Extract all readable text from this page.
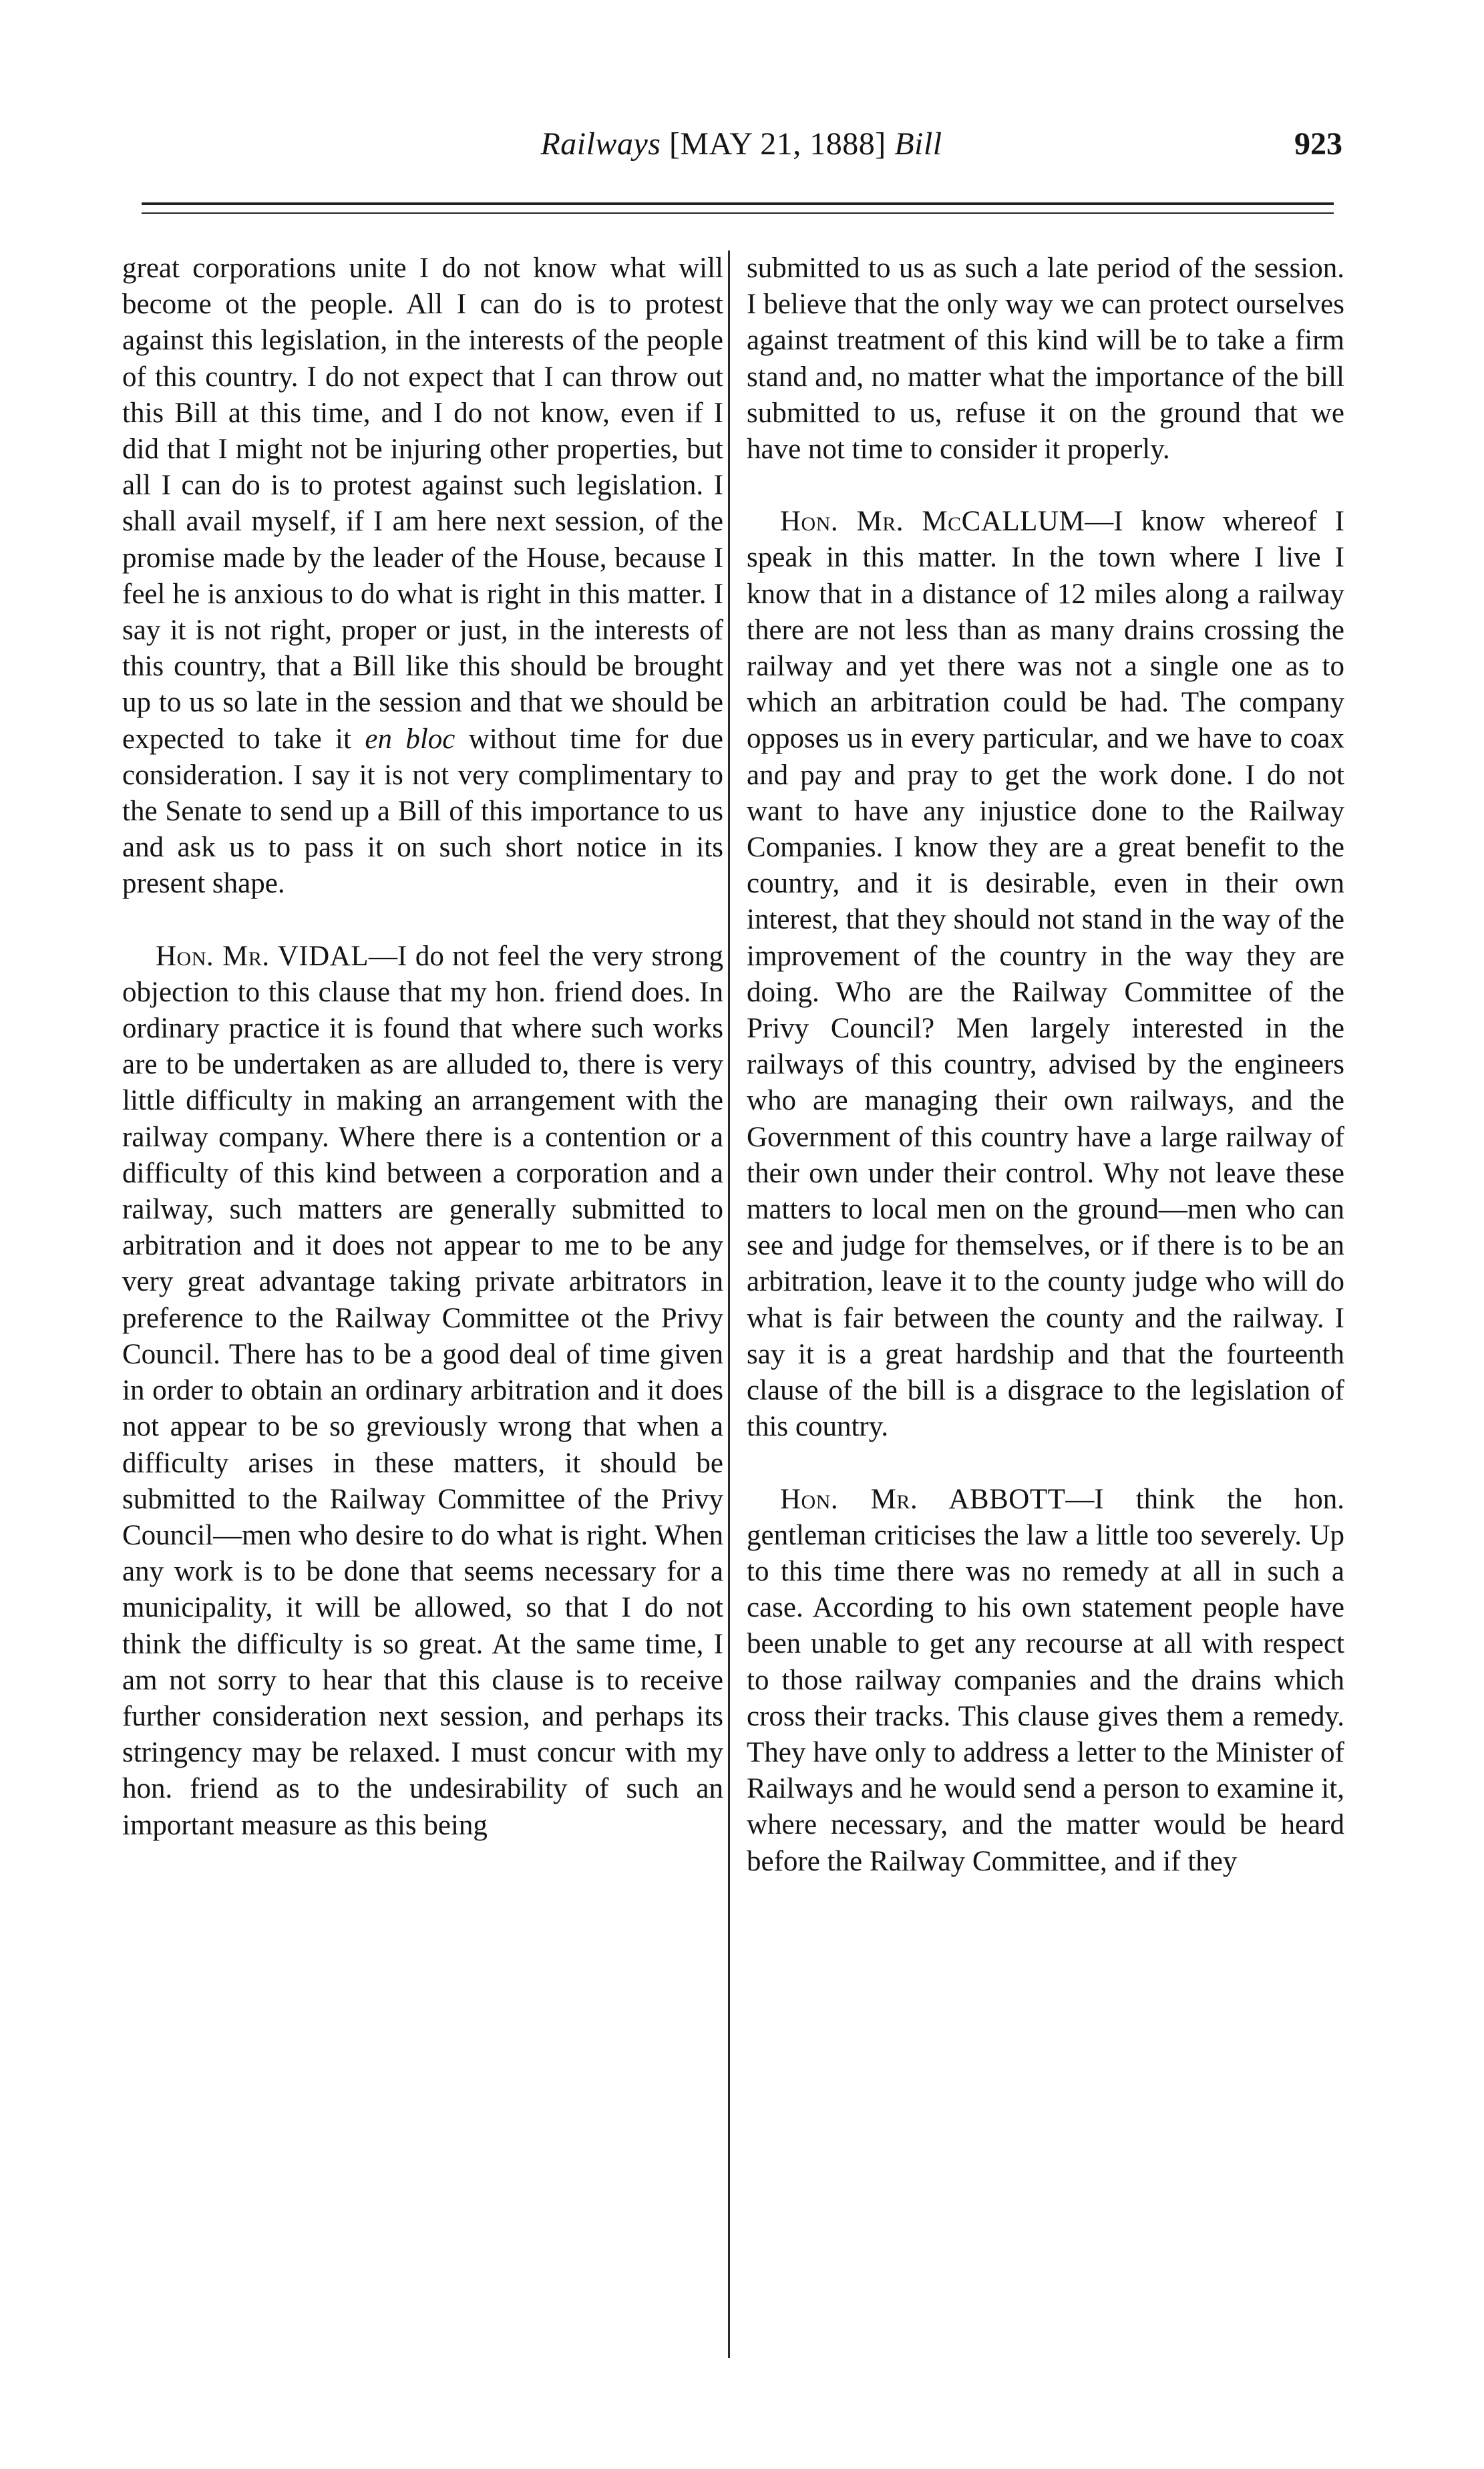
Railways [MAY 21, 1888] Bill	923

great corporations unite I do not know what will become ot the people. All I can do is to protest against this legislation, in the interests of the people of this country. I do not expect that I can throw out this Bill at this time, and I do not know, even if I did that I might not be injuring other properties, but all I can do is to protest against such legislation. I shall avail myself, if I am here next session, of the promise made by the leader of the House, because I feel he is anxious to do what is right in this matter. I say it is not right, proper or just, in the interests of this country, that a Bill like this should be brought up to us so late in the session and that we should be expected to take it en bloc without time for due consideration. I say it is not very complimentary to the Senate to send up a Bill of this importance to us and ask us to pass it on such short notice in its present shape.

Hon. Mr. VIDAL—I do not feel the very strong objection to this clause that my hon. friend does. In ordinary practice it is found that where such works are to be undertaken as are alluded to, there is very little difficulty in making an arrangement with the railway company. Where there is a contention or a difficulty of this kind between a corporation and a railway, such matters are generally submitted to arbitration and it does not appear to me to be any very great advantage taking private arbitrators in preference to the Railway Committee ot the Privy Council. There has to be a good deal of time given in order to obtain an ordinary arbitration and it does not appear to be so greviously wrong that when a difficulty arises in these matters, it should be submitted to the Railway Committee of the Privy Council—men who desire to do what is right. When any work is to be done that seems necessary for a municipality, it will be allowed, so that I do not think the difficulty is so great. At the same time, I am not sorry to hear that this clause is to receive further consideration next session, and perhaps its stringency may be relaxed. I must concur with my hon. friend as to the undesirability of such an important measure as this being

submitted to us as such a late period of the session. I believe that the only way we can protect ourselves against treatment of this kind will be to take a firm stand and, no matter what the importance of the bill submitted to us, refuse it on the ground that we have not time to consider it properly.

Hon. Mr. McCALLUM—I know whereof I speak in this matter. In the town where I live I know that in a distance of 12 miles along a railway there are not less than as many drains crossing the railway and yet there was not a single one as to which an arbitration could be had. The company opposes us in every particular, and we have to coax and pay and pray to get the work done. I do not want to have any injustice done to the Railway Companies. I know they are a great benefit to the country, and it is desirable, even in their own interest, that they should not stand in the way of the improvement of the country in the way they are doing. Who are the Railway Committee of the Privy Council? Men largely interested in the railways of this country, advised by the engineers who are managing their own railways, and the Government of this country have a large railway of their own under their control. Why not leave these matters to local men on the ground—men who can see and judge for themselves, or if there is to be an arbitration, leave it to the county judge who will do what is fair between the county and the railway. I say it is a great hardship and that the fourteenth clause of the bill is a disgrace to the legislation of this country.

Hon. Mr. ABBOTT—I think the hon. gentleman criticises the law a little too severely. Up to this time there was no remedy at all in such a case. According to his own statement people have been unable to get any recourse at all with respect to those railway companies and the drains which cross their tracks. This clause gives them a remedy. They have only to address a letter to the Minister of Railways and he would send a person to examine it, where necessary, and the matter would be heard before the Railway Committee, and if they
